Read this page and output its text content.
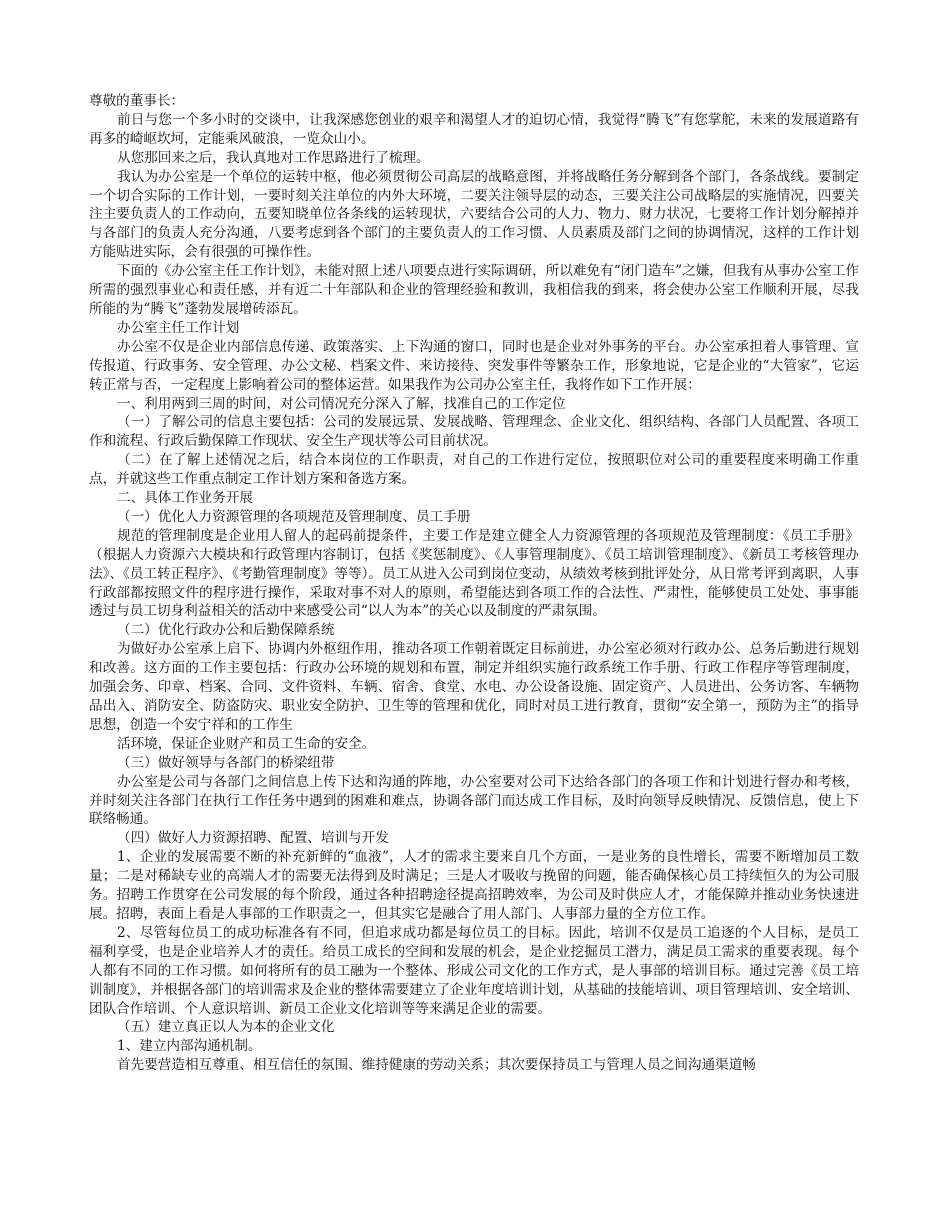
尊敬的董事长：

前日与您一个多小时的交谈中，让我深感您创业的艰辛和渴望人才的迫切心情，我觉得“腾飞”有您掌舵，未来的发展道路有再多的崎岖坎坷，定能乘风破浪，一览众山小。

从您那回来之后，我认真地对工作思路进行了梳理。

我认为办公室是一个单位的运转中枢，他必须贯彻公司高层的战略意图，并将战略任务分解到各个部门，各条战线。要制定一个切合实际的工作计划，一要时刻关注单位的内外大环境，二要关注领导层的动态，三要关注公司战略层的实施情况，四要关注主要负责人的工作动向，五要知晓单位各条线的运转现状，六要结合公司的人力、物力、财力状况，七要将工作计划分解掉并与各部门的负责人充分沟通，八要考虑到各个部门的主要负责人的工作习惯、人员素质及部门之间的协调情况，这样的工作计划方能贴进实际，会有很强的可操作性。

下面的《办公室主任工作计划》，未能对照上述八项要点进行实际调研，所以难免有“闭门造车”之嫌，但我有从事办公室工作所需的强烈事业心和责任感，并有近二十年部队和企业的管理经验和教训，我相信我的到来，将会使办公室工作顺利开展，尽我所能的为“腾飞”蓬勃发展增砖添瓦。

办公室主任工作计划

办公室不仅是企业内部信息传递、政策落实、上下沟通的窗口，同时也是企业对外事务的平台。办公室承担着人事管理、宣传报道、行政事务、安全管理、办公文秘、档案文件、来访接待、突发事件等繁杂工作，形象地说，它是企业的“大管家”，它运转正常与否，一定程度上影响着公司的整体运营。如果我作为公司办公室主任，我将作如下工作开展：

一、利用两到三周的时间，对公司情况充分深入了解，找准自己的工作定位

（一）了解公司的信息主要包括：公司的发展远景、发展战略、管理理念、企业文化、组织结构、各部门人员配置、各项工作和流程、行政后勤保障工作现状、安全生产现状等公司目前状况。

（二）在了解上述情况之后，结合本岗位的工作职责，对自己的工作进行定位，按照职位对公司的重要程度来明确工作重点，并就这些工作重点制定工作计划方案和备选方案。

二、具体工作业务开展

（一）优化人力资源管理的各项规范及管理制度、员工手册

规范的管理制度是企业用人留人的起码前提条件，主要工作是建立健全人力资源管理的各项规范及管理制度：《员工手册》（根据人力资源六大模块和行政管理内容制订，包括《奖惩制度》、《人事管理制度》、《员工培训管理制度》、《新员工考核管理办法》、《员工转正程序》、《考勤管理制度》等等）。员工从进入公司到岗位变动，从绩效考核到批评处分，从日常考评到离职，人事行政部都按照文件的程序进行操作，采取对事不对人的原则，希望能达到各项工作的合法性、严肃性，能够使员工处处、事事能透过与员工切身利益相关的活动中来感受公司“以人为本”的关心以及制度的严肃氛围。

（二）优化行政办公和后勤保障系统

为做好办公室承上启下、协调内外枢纽作用，推动各项工作朝着既定目标前进，办公室必须对行政办公、总务后勤进行规划和改善。这方面的工作主要包括：行政办公环境的规划和布置，制定并组织实施行政系统工作手册、行政工作程序等管理制度，加强会务、印章、档案、合同、文件资料、车辆、宿舍、食堂、水电、办公设备设施、固定资产、人员进出、公务访客、车辆物品出入、消防安全、防盗防灾、职业安全防护、卫生等的管理和优化，同时对员工进行教育，贯彻“安全第一，预防为主”的指导思想，创造一个安宁祥和的工作生

活环境，保证企业财产和员工生命的安全。

（三）做好领导与各部门的桥梁纽带

办公室是公司与各部门之间信息上传下达和沟通的阵地，办公室要对公司下达给各部门的各项工作和计划进行督办和考核，并时刻关注各部门在执行工作任务中遇到的困难和难点，协调各部门而达成工作目标，及时向领导反映情况、反馈信息，使上下联络畅通。

（四）做好人力资源招聘、配置、培训与开发

1、企业的发展需要不断的补充新鲜的“血液”，人才的需求主要来自几个方面，一是业务的良性增长，需要不断增加员工数量；二是对稀缺专业的高端人才的需要无法得到及时满足；三是人才吸收与挽留的问题，能否确保核心员工持续恒久的为公司服务。招聘工作贯穿在公司发展的每个阶段，通过各种招聘途径提高招聘效率，为公司及时供应人才，才能保障并推动业务快速进展。招聘，表面上看是人事部的工作职责之一，但其实它是融合了用人部门、人事部力量的全方位工作。

2、尽管每位员工的成功标准各有不同，但追求成功都是每位员工的目标。因此，培训不仅是员工追逐的个人目标，是员工福利享受，也是企业培养人才的责任。给员工成长的空间和发展的机会，是企业挖掘员工潜力，满足员工需求的重要表现。每个人都有不同的工作习惯。如何将所有的员工融为一个整体、形成公司文化的工作方式，是人事部的培训目标。通过完善《员工培训制度》，并根据各部门的培训需求及企业的整体需要建立了企业年度培训计划，从基础的技能培训、项目管理培训、安全培训、团队合作培训、个人意识培训、新员工企业文化培训等等来满足企业的需要。

（五）建立真正以人为本的企业文化

1、建立内部沟通机制。

首先要营造相互尊重、相互信任的氛围、维持健康的劳动关系；其次要保持员工与管理人员之间沟通渠道畅
